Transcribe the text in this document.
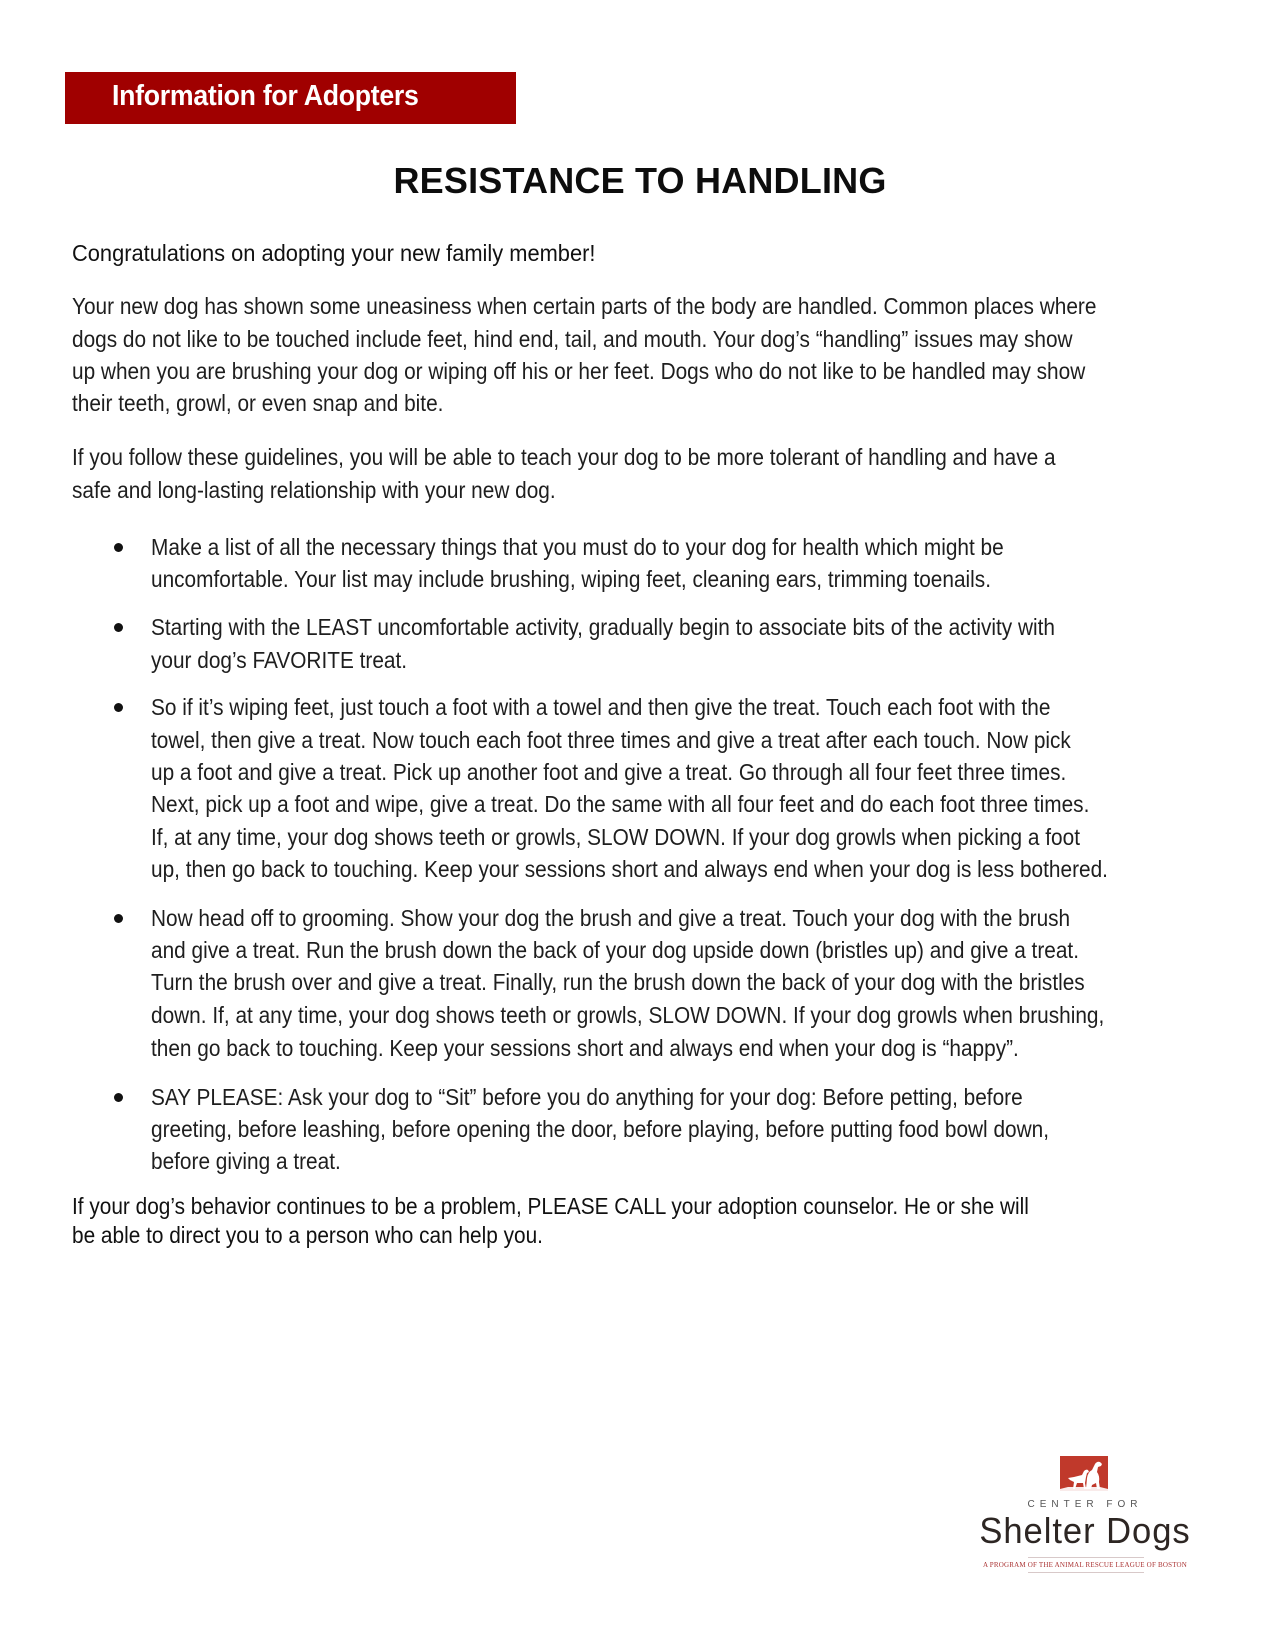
Information for Adopters
RESISTANCE TO HANDLING
Congratulations on adopting your new family member!
Your new dog has shown some uneasiness when certain parts of the body are handled. Common places where
dogs do not like to be touched include feet, hind end, tail, and mouth. Your dog’s “handling” issues may show
up when you are brushing your dog or wiping off his or her feet. Dogs who do not like to be handled may show
their teeth, growl, or even snap and bite.
If you follow these guidelines, you will be able to teach your dog to be more tolerant of handling and have a
safe and long-lasting relationship with your new dog.
Make a list of all the necessary things that you must do to your dog for health which might be
uncomfortable. Your list may include brushing, wiping feet, cleaning ears, trimming toenails.
Starting with the LEAST uncomfortable activity, gradually begin to associate bits of the activity with
your dog’s FAVORITE treat.
So if it’s wiping feet, just touch a foot with a towel and then give the treat. Touch each foot with the
towel, then give a treat. Now touch each foot three times and give a treat after each touch. Now pick
up a foot and give a treat. Pick up another foot and give a treat. Go through all four feet three times.
Next, pick up a foot and wipe, give a treat. Do the same with all four feet and do each foot three times.
If, at any time, your dog shows teeth or growls, SLOW DOWN. If your dog growls when picking a foot
up, then go back to touching. Keep your sessions short and always end when your dog is less bothered.
Now head off to grooming. Show your dog the brush and give a treat. Touch your dog with the brush
and give a treat. Run the brush down the back of your dog upside down (bristles up) and give a treat.
Turn the brush over and give a treat. Finally, run the brush down the back of your dog with the bristles
down. If, at any time, your dog shows teeth or growls, SLOW DOWN. If your dog growls when brushing,
then go back to touching. Keep your sessions short and always end when your dog is “happy”.
SAY PLEASE: Ask your dog to “Sit” before you do anything for your dog: Before petting, before
greeting, before leashing, before opening the door, before playing, before putting food bowl down,
before giving a treat.
If your dog’s behavior continues to be a problem, PLEASE CALL your adoption counselor. He or she will
be able to direct you to a person who can help you.
CENTER FOR
Shelter Dogs
A PROGRAM OF THE ANIMAL RESCUE LEAGUE OF BOSTON
